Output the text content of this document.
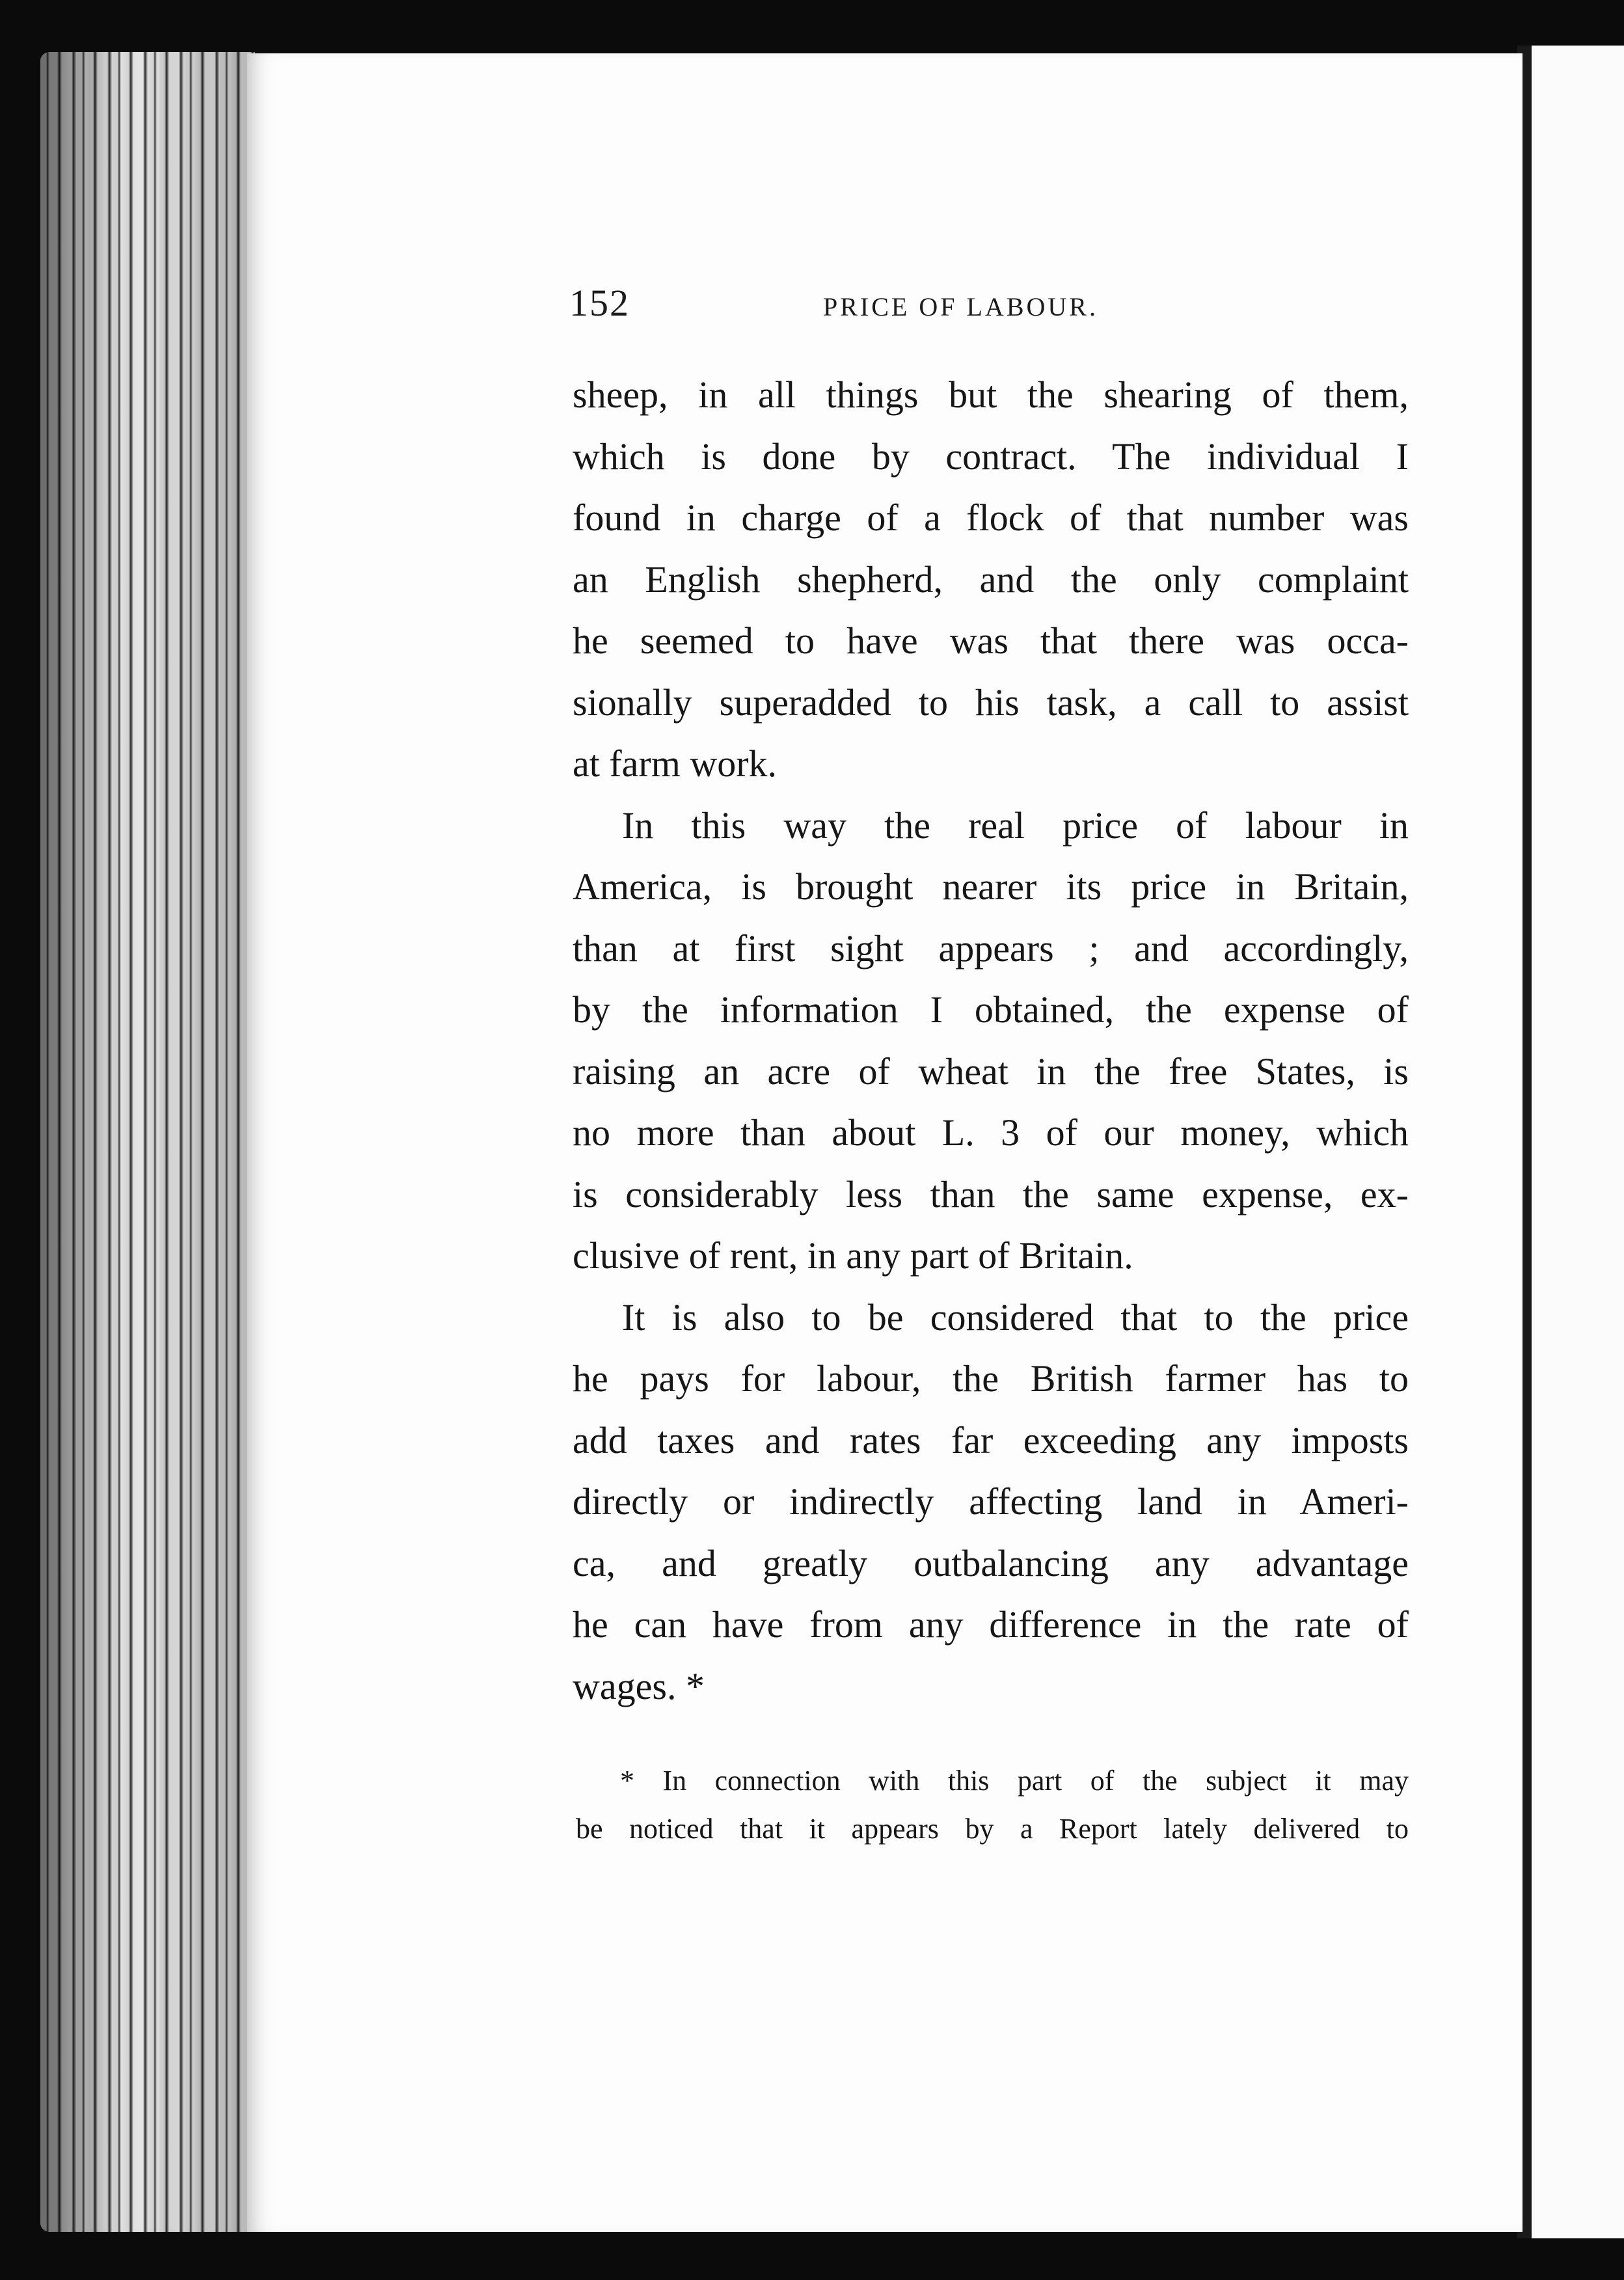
152	PRICE OF LABOUR.
sheep, in all things but the shearing of them,
which is done by contract. The individual I
found in charge of a flock of that number was
an English shepherd, and the only complaint
he seemed to have was that there was occa-
sionally superadded to his task, a call to assist
at farm work.
In this way the real price of labour in
America, is brought nearer its price in Britain,
than at first sight appears ; and accordingly,
by the information I obtained, the expense of
raising an acre of wheat in the free States, is
no more than about L. 3 of our money, which
is considerably less than the same expense, ex-
clusive of rent, in any part of Britain.
It is also to be considered that to the price
he pays for labour, the British farmer has to
add taxes and rates far exceeding any imposts
directly or indirectly affecting land in Ameri-
ca, and greatly outbalancing any advantage
he can have from any difference in the rate of
wages. *
* In connection with this part of the subject it may
be noticed that it appears by a Report lately delivered to
